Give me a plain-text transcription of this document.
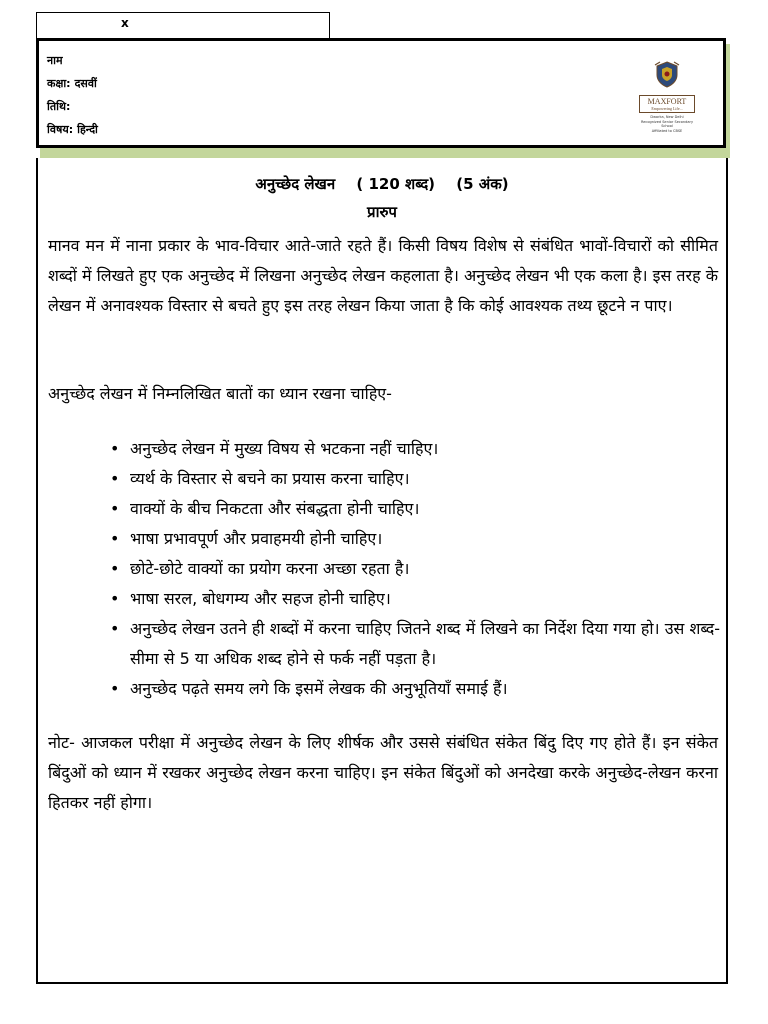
x
नाम
कक्षा: दसवीं
तिथि:
विषय: हिन्दी
MAXFORT
Empowering Life...
Dwarka, New Delhi
Recognized Senior Secondary School
Affiliated to CBSE
अनुच्छेद लेखन ( 120 शब्द) (5 अंक)
प्रारुप
मानव मन में नाना प्रकार के भाव-विचार आते-जाते रहते हैं। किसी विषय विशेष से संबंधित भावों-विचारों को सीमित शब्दों में लिखते हुए एक अनुच्छेद में लिखना अनुच्छेद लेखन कहलाता है। अनुच्छेद लेखन भी एक कला है। इस तरह के लेखन में अनावश्यक विस्तार से बचते हुए इस तरह लेखन किया जाता है कि कोई आवश्यक तथ्य छूटने न पाए।
अनुच्छेद लेखन में निम्नलिखित बातों का ध्यान रखना चाहिए-
• अनुच्छेद लेखन में मुख्य विषय से भटकना नहीं चाहिए।
• व्यर्थ के विस्तार से बचने का प्रयास करना चाहिए।
• वाक्यों के बीच निकटता और संबद्धता होनी चाहिए।
• भाषा प्रभावपूर्ण और प्रवाहमयी होनी चाहिए।
• छोटे-छोटे वाक्यों का प्रयोग करना अच्छा रहता है।
• भाषा सरल, बोधगम्य और सहज होनी चाहिए।
• अनुच्छेद लेखन उतने ही शब्दों में करना चाहिए जितने शब्द में लिखने का निर्देश दिया गया हो। उस शब्द-सीमा से 5 या अधिक शब्द होने से फर्क नहीं पड़ता है।
• अनुच्छेद पढ़ते समय लगे कि इसमें लेखक की अनुभूतियाँ समाई हैं।
नोट- आजकल परीक्षा में अनुच्छेद लेखन के लिए शीर्षक और उससे संबंधित संकेत बिंदु दिए गए होते हैं। इन संकेत बिंदुओं को ध्यान में रखकर अनुच्छेद लेखन करना चाहिए। इन संकेत बिंदुओं को अनदेखा करके अनुच्छेद-लेखन करना हितकर नहीं होगा।
